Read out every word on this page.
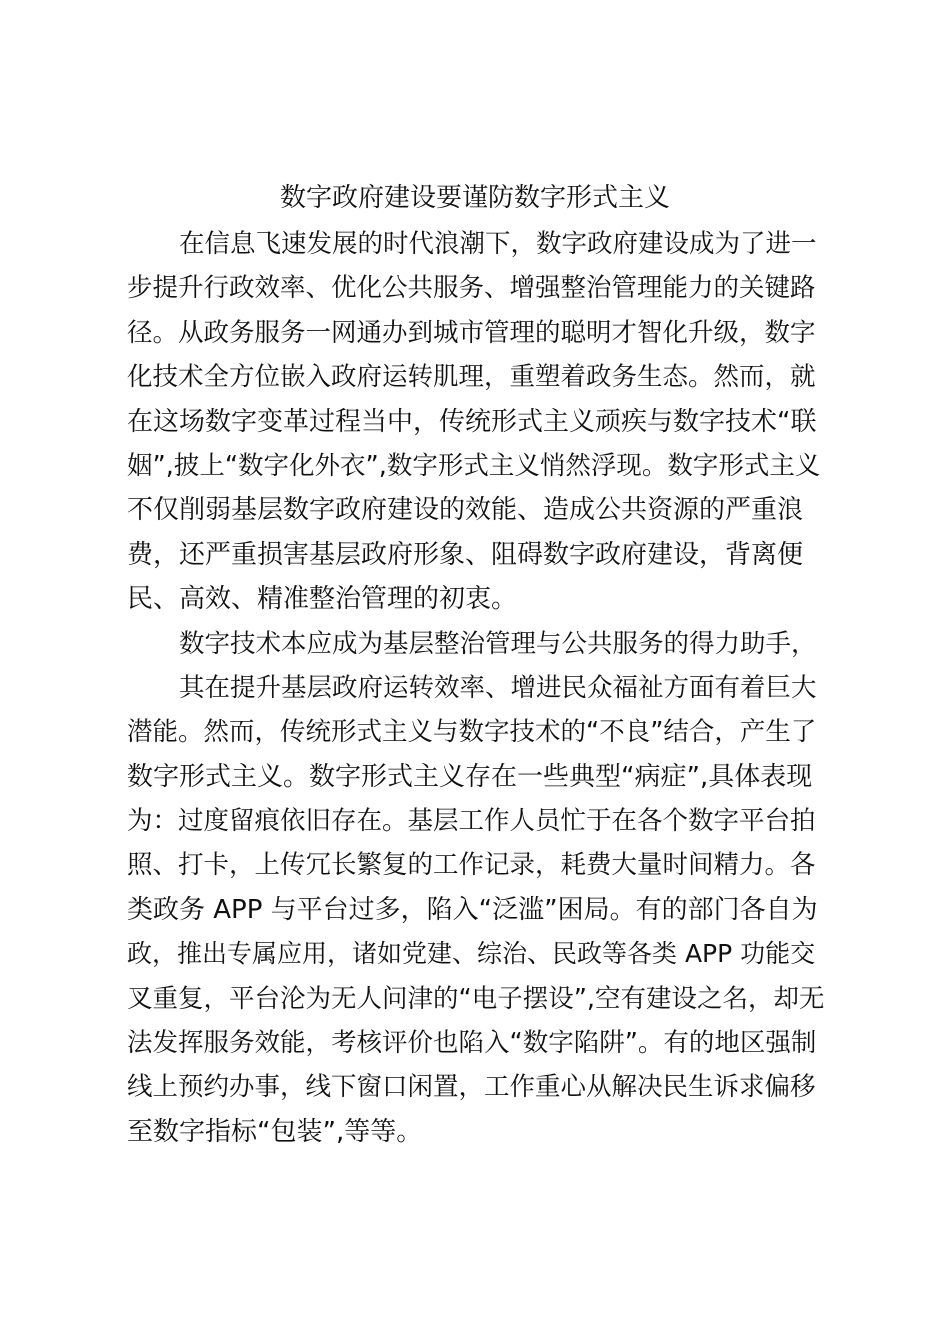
数字政府建设要谨防数字形式主义

在信息飞速发展的时代浪潮下，数字政府建设成为了进一

步提升行政效率、优化公共服务、增强整治管理能力的关键路

径。从政务服务一网通办到城市管理的聪明才智化升级，数字

化技术全方位嵌入政府运转肌理，重塑着政务生态。然而，就

在这场数字变革过程当中，传统形式主义顽疾与数字技术“联

姻”,披上“数字化外衣”,数字形式主义悄然浮现。数字形式主义

不仅削弱基层数字政府建设的效能、造成公共资源的严重浪

费，还严重损害基层政府形象、阻碍数字政府建设，背离便

民、高效、精准整治管理的初衷。

数字技术本应成为基层整治管理与公共服务的得力助手，

其在提升基层政府运转效率、增进民众福祉方面有着巨大

潜能。然而，传统形式主义与数字技术的“不良”结合，产生了

数字形式主义。数字形式主义存在一些典型“病症”,具体表现

为：过度留痕依旧存在。基层工作人员忙于在各个数字平台拍

照、打卡，上传冗长繁复的工作记录，耗费大量时间精力。各

类政务 APP 与平台过多，陷入“泛滥”困局。有的部门各自为

政，推出专属应用，诸如党建、综治、民政等各类 APP 功能交

叉重复，平台沦为无人问津的“电子摆设”,空有建设之名，却无

法发挥服务效能，考核评价也陷入“数字陷阱”。有的地区强制

线上预约办事，线下窗口闲置，工作重心从解决民生诉求偏移

至数字指标“包装”,等等。
